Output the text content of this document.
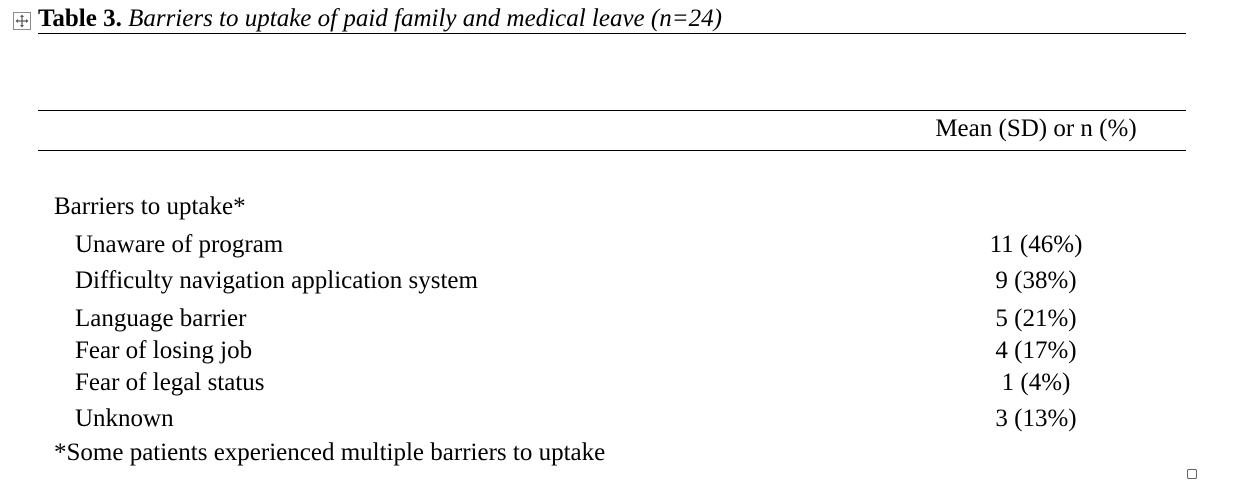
Table 3. Barriers to uptake of paid family and medical leave (n=24)
Mean (SD) or n (%)
Barriers to uptake*
Unaware of program	11 (46%)
Difficulty navigation application system	9 (38%)
Language barrier	5 (21%)
Fear of losing job	4 (17%)
Fear of legal status	1 (4%)
Unknown	3 (13%)
*Some patients experienced multiple barriers to uptake
